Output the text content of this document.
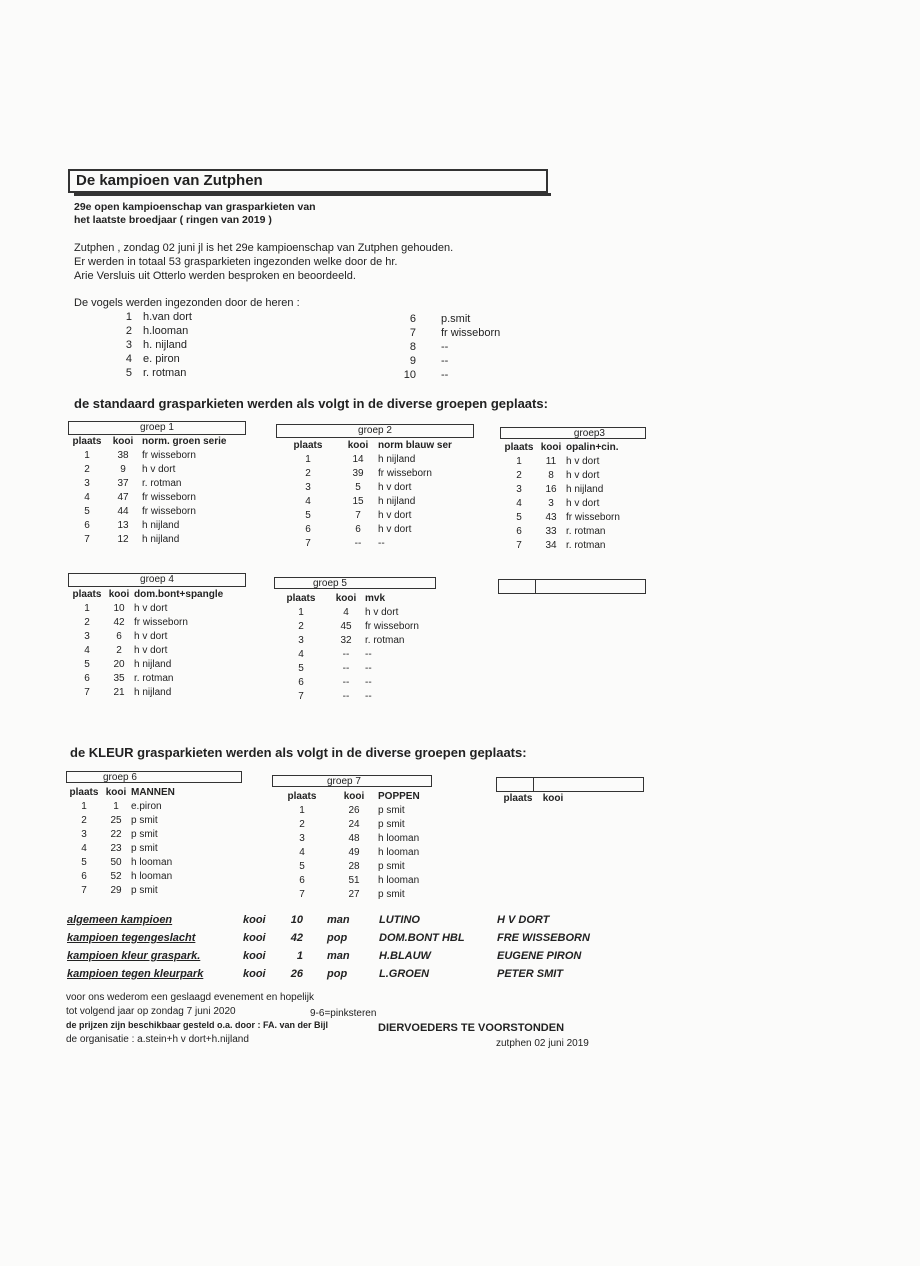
De kampioen van Zutphen
29e open kampioenschap van grasparkieten van
het laatste broedjaar ( ringen van 2019 )
Zutphen , zondag 02 juni jl is het 29e kampioenschap van Zutphen gehouden.
Er werden in totaal 53 grasparkieten ingezonden welke door de hr.
Arie Versluis uit Otterlo werden besproken en beoordeeld.
De vogels werden ingezonden door de heren :
1 h.van dort
2 h.looman
3 h. nijland
4 e. piron
5 r. rotman
6 p.smit
7 fr wisseborn
8 --
9 --
10 --
de standaard grasparkieten werden als volgt in de diverse groepen geplaats:
groep 1	groep 2	groep3
groep 4	groep 5
de KLEUR grasparkieten werden als volgt in de diverse groepen geplaats:
groep 6	groep 7
plaats	kooi	norm. groen serie
1	38	fr wisseborn
2	9	h v dort
3	37	r. rotman
4	47	fr wisseborn
5	44	fr wisseborn
6	13	h nijland
7	12	h nijland
plaats	kooi	norm blauw ser
1	14	h nijland
2	39	fr wisseborn
3	5	h v dort
4	15	h nijland
5	7	h v dort
6	6	h v dort
7	--	--
plaats	kooi	opalin+cin.
1	11	h v dort
2	8	h v dort
3	16	h nijland
4	3	h v dort
5	43	fr wisseborn
6	33	r. rotman
7	34	r. rotman
plaats	kooi	dom.bont+spangle
1	10	h v dort
2	42	fr wisseborn
3	6	h v dort
4	2	h v dort
5	20	h nijland
6	35	r. rotman
7	21	h nijland
plaats	kooi	mvk
1	4	h v dort
2	45	fr wisseborn
3	32	r. rotman
4	--	--
5	--	--
6	--	--
7	--	--
plaats	kooi	MANNEN
1	1	e.piron
2	25	p smit
3	22	p smit
4	23	p smit
5	50	h looman
6	52	h looman
7	29	p smit
plaats	kooi	POPPEN
1	26	p smit
2	24	p smit
3	48	h looman
4	49	h looman
5	28	p smit
6	51	h looman
7	27	p smit
plaats	kooi
algemeen kampioen	kooi	10 man	LUTINO	H V DORT
kampioen tegengeslacht	kooi	42 pop	DOM.BONT HBL	FRE WISSEBORN
kampioen kleur graspark.	kooi	1 man	H.BLAUW	EUGENE PIRON
kampioen tegen kleurpark	kooi	26 pop	L.GROEN	PETER SMIT
voor ons wederom een geslaagd evenement en hopelijk
tot volgend jaar op zondag 7 juni 2020	9-6=pinksteren
de prijzen zijn beschikbaar gesteld o.a. door : FA. van der Bijl	DIERVOEDERS TE VOORSTONDEN
de organisatie : a.stein+h v dort+h.nijland	zutphen 02 juni 2019
